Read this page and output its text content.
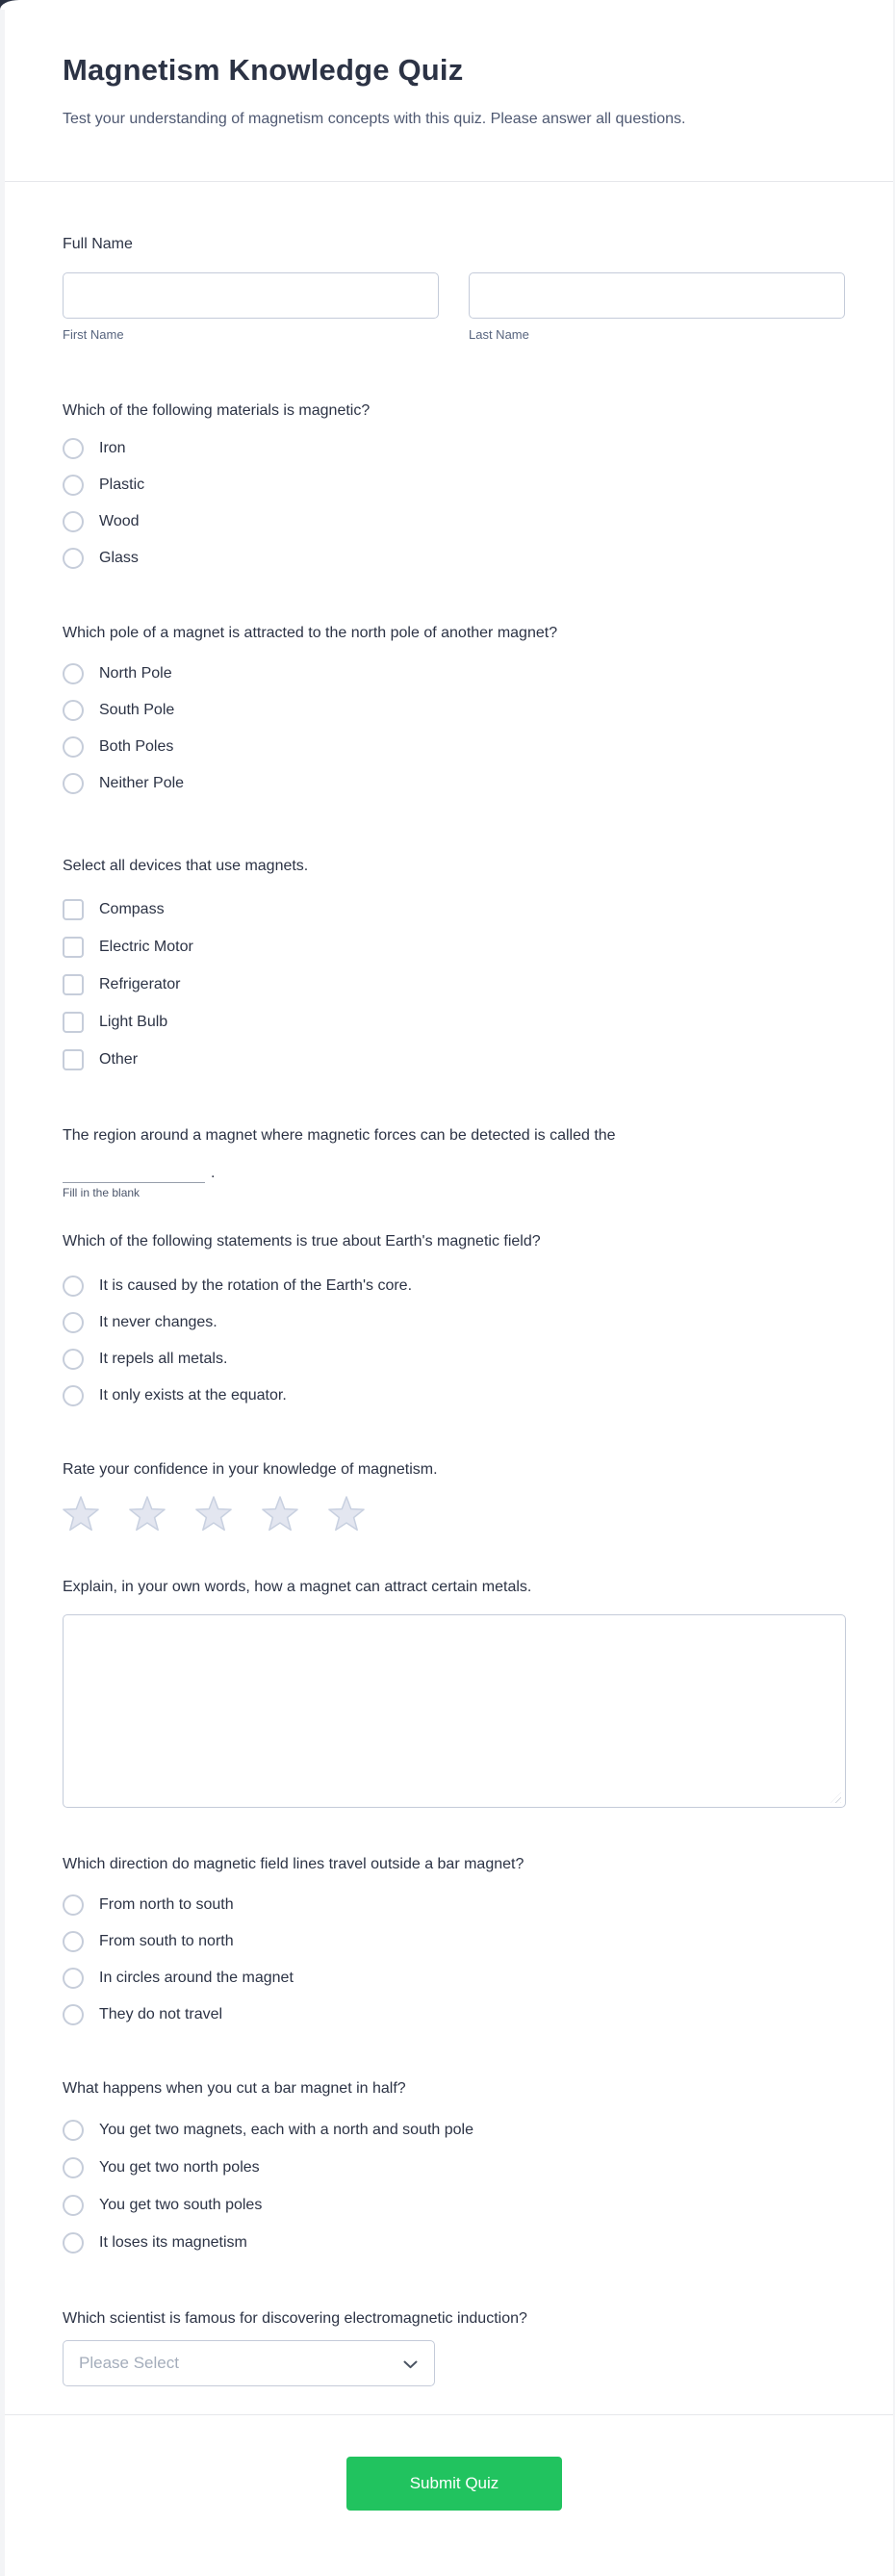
Magnetism Knowledge Quiz
Test your understanding of magnetism concepts with this quiz. Please answer all questions.
Full Name
First Name	Last Name
Which of the following materials is magnetic?
Iron
Plastic
Wood
Glass
Which pole of a magnet is attracted to the north pole of another magnet?
North Pole
South Pole
Both Poles
Neither Pole
Select all devices that use magnets.
Compass
Electric Motor
Refrigerator
Light Bulb
Other
The region around a magnet where magnetic forces can be detected is called the
.
Fill in the blank
Which of the following statements is true about Earth's magnetic field?
It is caused by the rotation of the Earth's core.
It never changes.
It repels all metals.
It only exists at the equator.
Rate your confidence in your knowledge of magnetism.
Explain, in your own words, how a magnet can attract certain metals.
Which direction do magnetic field lines travel outside a bar magnet?
From north to south
From south to north
In circles around the magnet
They do not travel
What happens when you cut a bar magnet in half?
You get two magnets, each with a north and south pole
You get two north poles
You get two south poles
It loses its magnetism
Which scientist is famous for discovering electromagnetic induction?
Please Select
Submit Quiz
